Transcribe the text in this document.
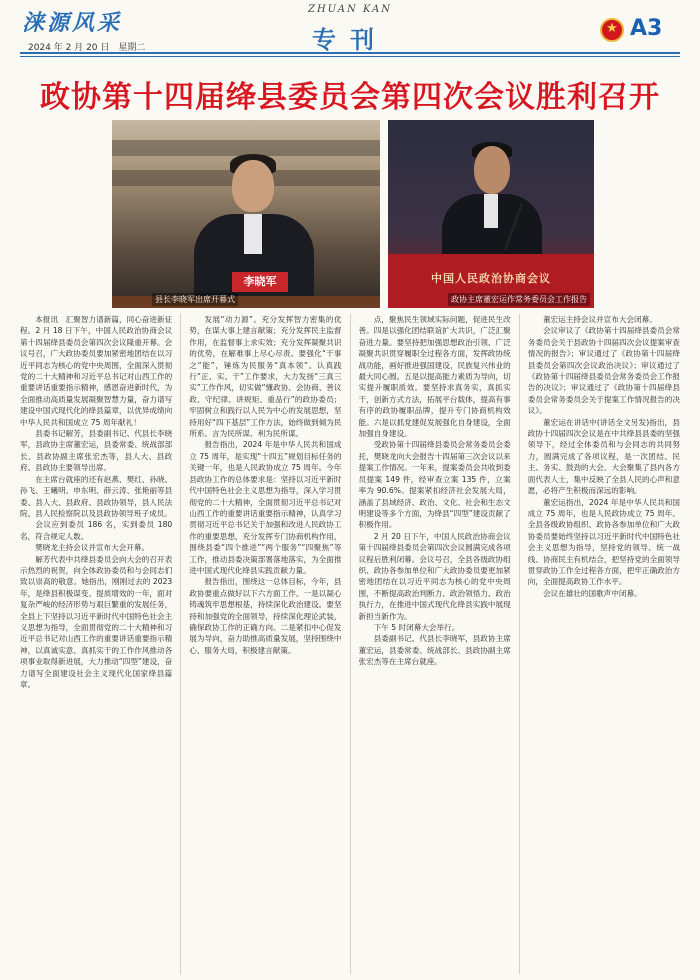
涞源风采
2024 年 2 月 20 日　星期二
ZHUAN KAN
专刊
★	A3
政协第十四届绛县委员会第四次会议胜利召开
李晓军
县长李晓军出席开幕式
中国人民政治协商会议
政协主席董宏运作常务委员会工作报告

本报讯　汇聚智力谱新篇，同心奋进新征程。2 月 18 日下午，中国人民政治协商会议第十四届绛县委员会第四次会议隆重开幕。会议号召，广大政协委员要加紧密地团结在以习近平同志为核心的党中央周围，全面深入贯彻党的二十大精神和习近平总书记对山西工作的重要讲话重要指示精神，感恩奋进新时代，为全面推动高质量发展凝聚智慧力量，奋力谱写建设中国式现代化的绛县篇章，以优异成绩向中华人民共和国成立 75 周年献礼！

县委书记解芳，县委副书记、代县长李晓军，县政协主席董宏运，县委常委、统战部部长、县政协副主席张宏杰等，县人大、县政府、县政协主要领导出席。

在主席台就座的还有赵燕、樊红、孙晓、孙飞、王曦明、申东明、薛云涛、张艳丽等县委、县人大、县政府、县政协领导，县人民法院、县人民检察院以及县政协领导班子成员。

会议应到委员 186 名，实到委员 180 名，符合规定人数。

樊晓龙主持会议并宣布大会开幕。

解芳代表中共绛县委员会向大会的召开表示热烈的祝贺，向全体政协委员和与会同志们致以崇高的敬意。她指出，刚刚过去的 2023 年，是绛县积极谋变、提质增效的一年，面对复杂严峻的经济形势与艰巨繁重的发展任务，全县上下坚持以习近平新时代中国特色社会主义思想为指导，全面贯彻党的二十大精神和习近平总书记对山西工作的重要讲话重要指示精神，以真诚实意、真抓实干的工作作风推动各项事业取得新进展，大力推动“四型”建设，奋力谱写全面建设社会主义现代化国家绛县篇章。

发展“动力源”。充分发挥智力密集的优势，在谋大事上建言献策；充分发挥民主监督作用，在监督事上求实效；充分发挥凝聚共识的优势，在解难事上尽心尽责。要强化“干事之“能”，锤炼为民服务“真本领”。认真践行“正、实、干”工作要求，大力发扬“三真三实”工作作风，切实做“懂政协、会协商、善议政、守纪律、讲规矩、重品行”的政协委员；牢固树立和践行以人民为中心的发展思想，坚持用好“四下基层”工作方法，始终做到倾为民所系、言为民所谋、利为民所谋。

报告指出，2024 年是中华人民共和国成立 75 周年，是实现“十四五”规划目标任务的关键一年，也是人民政协成立 75 周年。今年县政协工作的总体要求是：坚持以习近平新时代中国特色社会主义思想为指导，深入学习贯彻党的二十大精神，全面贯彻习近平总书记对山西工作的重要讲话重要指示精神，认真学习贯彻习近平总书记关于加强和改进人民政协工作的重要思想，充分发挥专门协商机构作用，围绕县委“四个推进”“两个服务”“四聚焦”等工作，推动县委决策部署落地落实，为全面推进中国式现代化绛县实践贡献力量。

报告指出，围绕这一总体目标，今年，县政协要重点做好以下六方面工作。一是以凝心铸魂筑牢思想根基，持续深化政治建设。要坚持和加强党的全面领导，持续深化理论武装，确保政协工作的正确方向。二是紧扣中心促发展为导向，奋力助推高质量发展，坚持围绕中心、服务大局，积极建言献策。

点，聚焦民生领域实际问题，促进民生改善。四是以强化团结联谊扩大共识，广泛汇聚奋进力量。要坚持把加强思想政治引领、广泛凝聚共识贯穿履职全过程各方面，发挥政协统战功能，画好推进强国建设、民族复兴伟业的最大同心圆。五是以提高能力素质为导向，切实提升履职质效。要坚持求真务实，真抓实干，创新方式方法，拓展平台载体，提高有事有序的政协履职品牌，提升专门协商机构效能。六是以抓党建促发展强化自身建设，全面加强自身建设。

受政协第十四届绛县委员会常务委员会委托，樊晓龙向大会报告十四届第三次会议以来提案工作情况。一年来，提案委员会共收到委员提案 149 件，经审查立案 135 件，立案率为 90.6%。提案紧扣经济社会发展大局，涵盖了县域经济、政治、文化、社会和生态文明建设等多个方面，为绛县“四型”建设贡献了积极作用。

2 月 20 日下午，中国人民政治协商会议第十四届绛县委员会第四次会议圆满完成各项议程后胜利闭幕。会议号召，全县各级政协组织、政协各参加单位和广大政协委员要更加紧密地团结在以习近平同志为核心的党中央周围，不断提高政治判断力、政治领悟力、政治执行力，在推进中国式现代化绛县实践中展现新担当新作为。

下午 5 时闭幕大会举行。

县委副书记、代县长李晓军，县政协主席董宏运，县委常委、统战部长、县政协副主席张宏杰等在主席台就座。

董宏运主持会议并宣布大会闭幕。

会议审议了《政协第十四届绛县委员会常务委员会关于县政协十四届四次会议提案审查情况的报告》；审议通过了《政协第十四届绛县委员会第四次会议政治决议》；审议通过了《政协第十四届绛县委员会常务委员会工作报告的决议》；审议通过了《政协第十四届绛县委员会常务委员会关于提案工作情况报告的决议》。

董宏运在讲话中(讲话全文另发)指出，县政协十四届四次会议是在中共绛县县委的坚强领导下，经过全体委员和与会同志的共同努力，圆满完成了各项议程，是一次团结、民主、务实、鼓劲的大会。大会聚集了县内各方面代表人士，集中反映了全县人民的心声和意愿，必将产生积极而深远的影响。

董宏运指出，2024 年是中华人民共和国成立 75 周年，也是人民政协成立 75 周年。全县各级政协组织、政协各参加单位和广大政协委员要始终坚持以习近平新时代中国特色社会主义思想为指导，坚持党的领导、统一战线、协商民主有机结合，把坚持党的全面领导贯穿政协工作全过程各方面，把牢正确政治方向，全面提高政协工作水平。

会议在雄壮的国歌声中闭幕。
